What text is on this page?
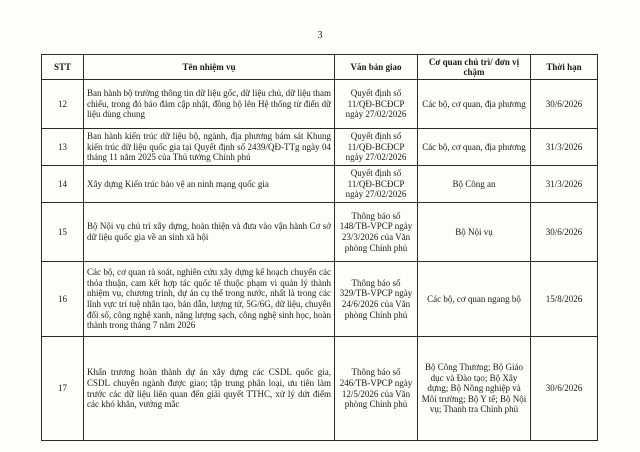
3
STT	Tên nhiệm vụ	Văn bản giao	Cơ quan chủ trì/ đơn vị chậm	Thời hạn
12	Ban hành bộ trường thông tin dữ liệu gốc, dữ liệu chủ, dữ liệu tham chiếu, trong đó bảo đảm cập nhật, đồng bộ lên Hệ thống từ điển dữ liệu dùng chung	Quyết định số 11/QĐ-BCĐCP ngày 27/02/2026	Các bộ, cơ quan, địa phương	30/6/2026
13	Ban hành kiến trúc dữ liệu bộ, ngành, địa phương bám sát Khung kiến trúc dữ liệu quốc gia tại Quyết định số 2439/QĐ-TTg ngày 04 tháng 11 năm 2025 của Thủ tướng Chính phủ	Quyết định số 11/QĐ-BCĐCP ngày 27/02/2026	Các bộ, cơ quan, địa phương	31/3/2026
14	Xây dựng Kiến trúc bảo vệ an ninh mạng quốc gia	Quyết định số 11/QĐ-BCĐCP ngày 27/02/2026	Bộ Công an	31/3/2026
15	Bộ Nội vụ chủ trì xây dựng, hoàn thiện và đưa vào vận hành Cơ sở dữ liệu quốc gia về an sinh xã hội	Thông báo số 148/TB-VPCP ngày 23/3/2026 của Văn phòng Chính phủ	Bộ Nội vụ	30/6/2026
16	Các bộ, cơ quan rà soát, nghiên cứu xây dựng kế hoạch chuyển các thỏa thuận, cam kết hợp tác quốc tế thuộc phạm vi quản lý thành nhiệm vụ, chương trình, dự án cụ thể trong nước, nhất là trong các lĩnh vực trí tuệ nhân tạo, bán dẫn, lượng tử, 5G/6G, dữ liệu, chuyển đổi số, công nghệ xanh, năng lượng sạch, công nghệ sinh học, hoàn thành trong tháng 7 năm 2026	Thông báo số 329/TB-VPCP ngày 24/6/2026 của Văn phòng Chính phủ	Các bộ, cơ quan ngang bộ	15/8/2026
17	Khẩn trương hoàn thành dự án xây dựng các CSDL quốc gia, CSDL chuyên ngành được giao; tập trung phân loại, ưu tiên làm trước các dữ liệu liên quan đến giải quyết TTHC, xử lý dứt điểm các khó khăn, vướng mắc	Thông báo số 246/TB-VPCP ngày 12/5/2026 của Văn phòng Chính phủ	Bộ Công Thương; Bộ Giáo dục và Đào tạo; Bộ Xây dựng; Bộ Nông nghiệp và Môi trường; Bộ Y tế; Bộ Nội vụ; Thanh tra Chính phủ	30/6/2026
